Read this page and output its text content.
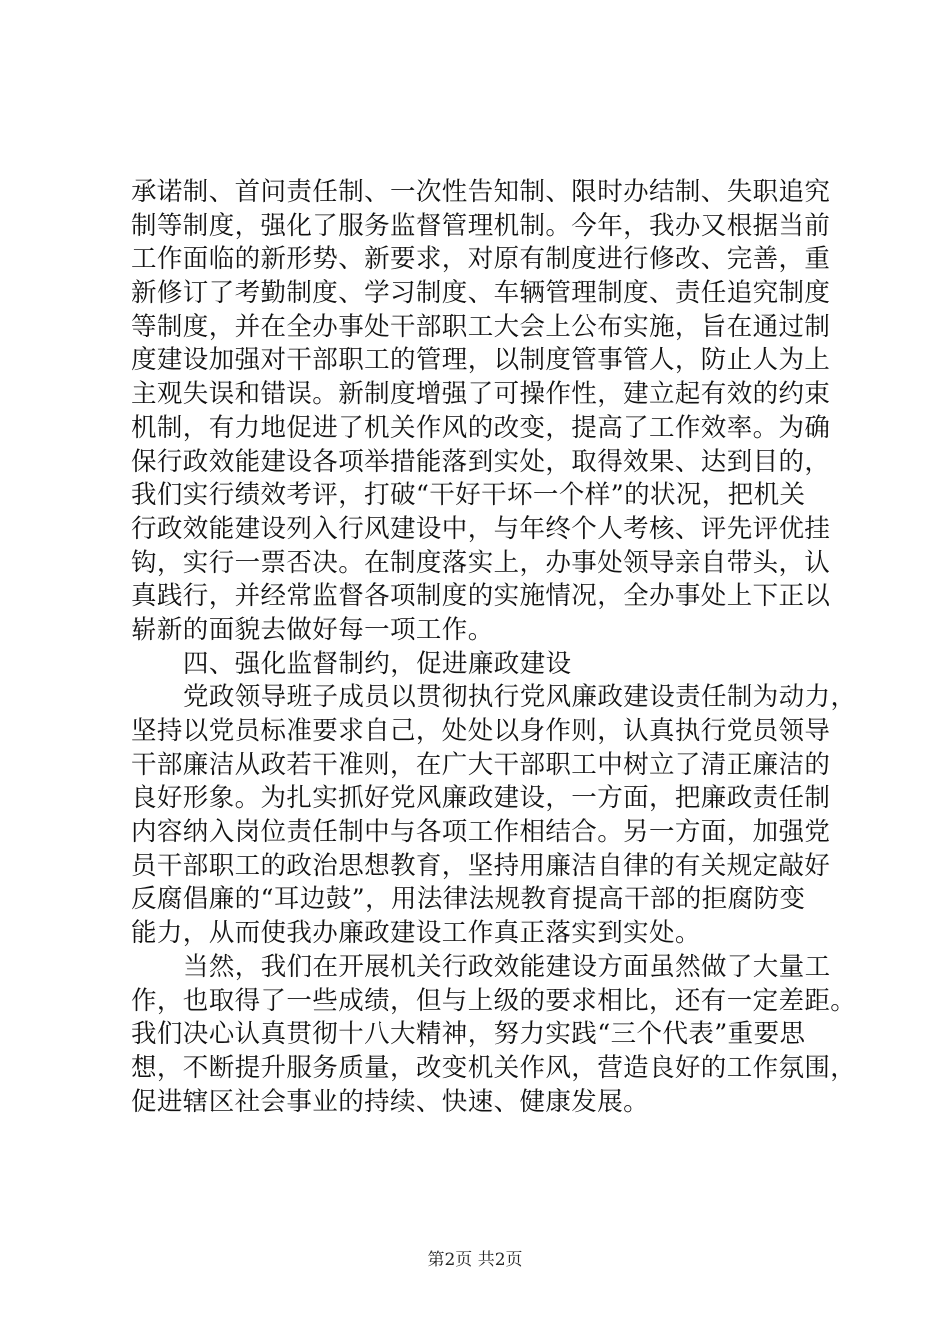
承诺制、首问责任制、一次性告知制、限时办结制、失职追究
制等制度，强化了服务监督管理机制。今年，我办又根据当前
工作面临的新形势、新要求，对原有制度进行修改、完善，重
新修订了考勤制度、学习制度、车辆管理制度、责任追究制度
等制度，并在全办事处干部职工大会上公布实施，旨在通过制
度建设加强对干部职工的管理，以制度管事管人，防止人为上
主观失误和错误。新制度增强了可操作性，建立起有效的约束
机制，有力地促进了机关作风的改变，提高了工作效率。为确
保行政效能建设各项举措能落到实处，取得效果、达到目的，
我们实行绩效考评，打破“干好干坏一个样”的状况，把机关
行政效能建设列入行风建设中，与年终个人考核、评先评优挂
钩，实行一票否决。在制度落实上，办事处领导亲自带头，认
真践行，并经常监督各项制度的实施情况，全办事处上下正以
崭新的面貌去做好每一项工作。
四、强化监督制约，促进廉政建设
党政领导班子成员以贯彻执行党风廉政建设责任制为动力，
坚持以党员标准要求自己，处处以身作则，认真执行党员领导
干部廉洁从政若干准则，在广大干部职工中树立了清正廉洁的
良好形象。为扎实抓好党风廉政建设，一方面，把廉政责任制
内容纳入岗位责任制中与各项工作相结合。另一方面，加强党
员干部职工的政治思想教育，坚持用廉洁自律的有关规定敲好
反腐倡廉的“耳边鼓”，用法律法规教育提高干部的拒腐防变
能力，从而使我办廉政建设工作真正落实到实处。
当然，我们在开展机关行政效能建设方面虽然做了大量工
作，也取得了一些成绩，但与上级的要求相比，还有一定差距。
我们决心认真贯彻十八大精神，努力实践“三个代表”重要思
想，不断提升服务质量，改变机关作风，营造良好的工作氛围，
促进辖区社会事业的持续、快速、健康发展。
第2页 共2页
